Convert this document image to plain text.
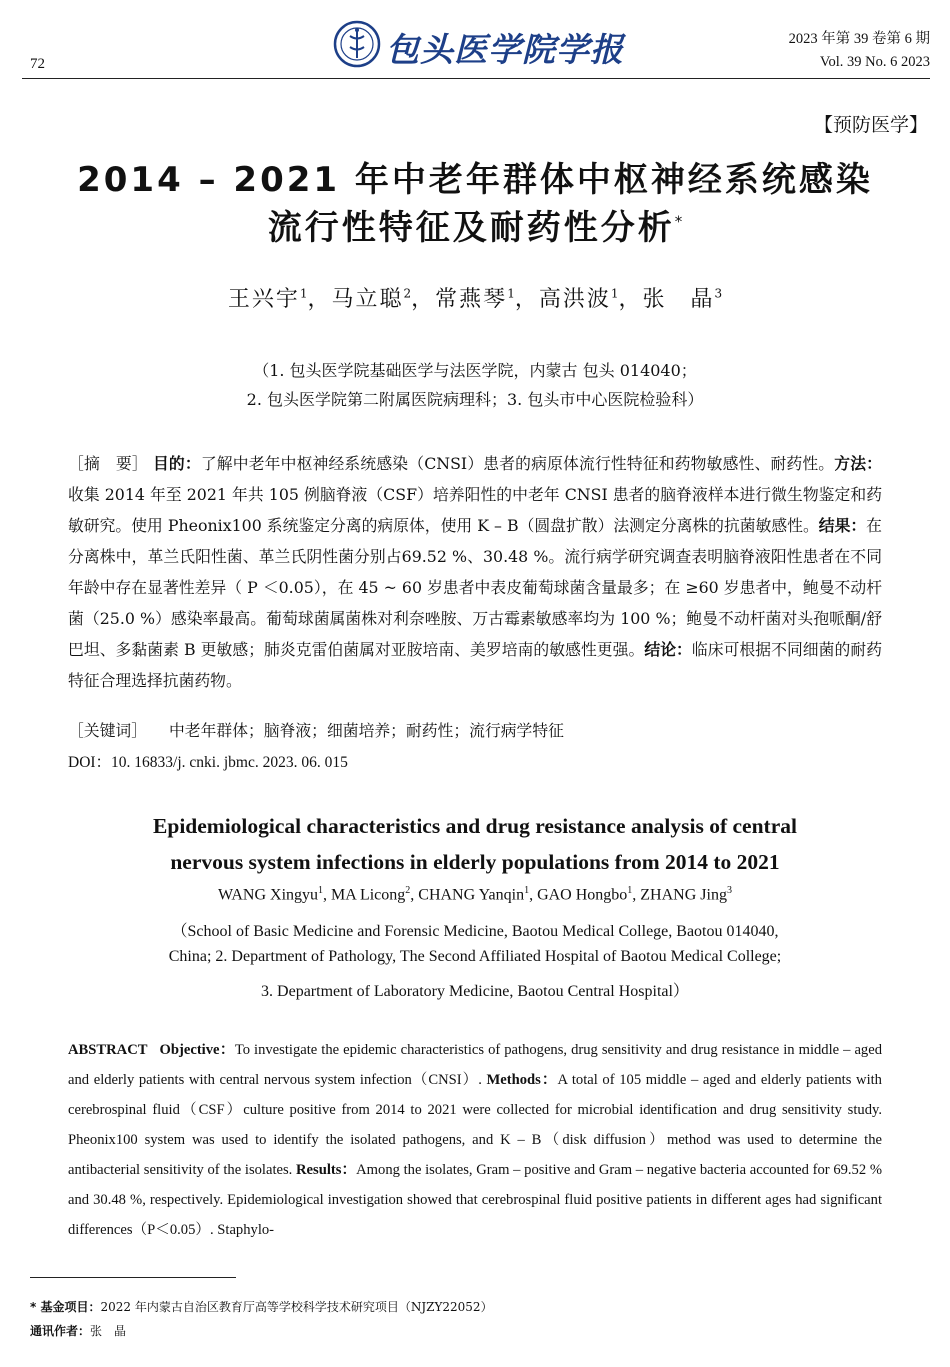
72	包头医学院学报	2023 年第 39 卷第 6 期
Vol. 39 No. 6 2023
【预防医学】
2014 – 2021 年中老年群体中枢神经系统感染
流行性特征及耐药性分析*
王兴宇$^1$，马立聪$^2$，常燕琴$^1$，高洪波$^1$，张　晶$^3$
（1. 包头医学院基础医学与法医学院，内蒙古 包头 014040；
2. 包头医学院第二附属医院病理科；3. 包头市中心医院检验科）
［摘　要］ 目的：了解中老年中枢神经系统感染（CNSI）患者的病原体流行性特征和药物敏感性、耐药性。方法：收集 2014 年至 2021 年共 105 例脑脊液（CSF）培养阳性的中老年 CNSI 患者的脑脊液样本进行微生物鉴定和药敏研究。使用 Pheonix100 系统鉴定分离的病原体，使用 K – B（圆盘扩散）法测定分离株的抗菌敏感性。结果：在分离株中，革兰氏阳性菌、革兰氏阴性菌分别占69.52 %、30.48 %。流行病学研究调查表明脑脊液阳性患者在不同年龄中存在显著性差异（ P ＜0.05），在 45 ~ 60 岁患者中表皮葡萄球菌含量最多；在 ≥60 岁患者中，鲍曼不动杆菌（25.0 %）感染率最高。葡萄球菌属菌株对利奈唑胺、万古霉素敏感率均为 100 %；鲍曼不动杆菌对头孢哌酮/舒巴坦、多黏菌素 B 更敏感；肺炎克雷伯菌属对亚胺培南、美罗培南的敏感性更强。结论：临床可根据不同细菌的耐药特征合理选择抗菌药物。
［关键词］ 中老年群体；脑脊液；细菌培养；耐药性；流行病学特征
DOI：10. 16833/j. cnki. jbmc. 2023. 06. 015
Epidemiological characteristics and drug resistance analysis of central
nervous system infections in elderly populations from 2014 to 2021
WANG Xingyu$^1$, MA Licong$^2$, CHANG Yanqin$^1$, GAO Hongbo$^1$, ZHANG Jing$^3$
（School of Basic Medicine and Forensic Medicine, Baotou Medical College, Baotou 014040,
China; 2. Department of Pathology, The Second Affiliated Hospital of Baotou Medical College;
3. Department of Laboratory Medicine, Baotou Central Hospital）
ABSTRACT Objective：To investigate the epidemic characteristics of pathogens, drug sensitivity and drug resistance in middle – aged and elderly patients with central nervous system infection（CNSI）. Methods：A total of 105 middle – aged and elderly patients with cerebrospinal fluid（CSF）culture positive from 2014 to 2021 were collected for microbial identification and drug sensitivity study. Pheonix100 system was used to identify the isolated pathogens, and K – B（disk diffusion）method was used to determine the antibacterial sensitivity of the isolates. Results：Among the isolates, Gram – positive and Gram – negative bacteria accounted for 69.52 % and 30.48 %, respectively. Epidemiological investigation showed that cerebrospinal fluid positive patients in different ages had significant differences（P＜0.05）. Staphylo-
* 基金项目：2022 年内蒙古自治区教育厅高等学校科学技术研究项目（NJZY22052）
通讯作者：张　晶
